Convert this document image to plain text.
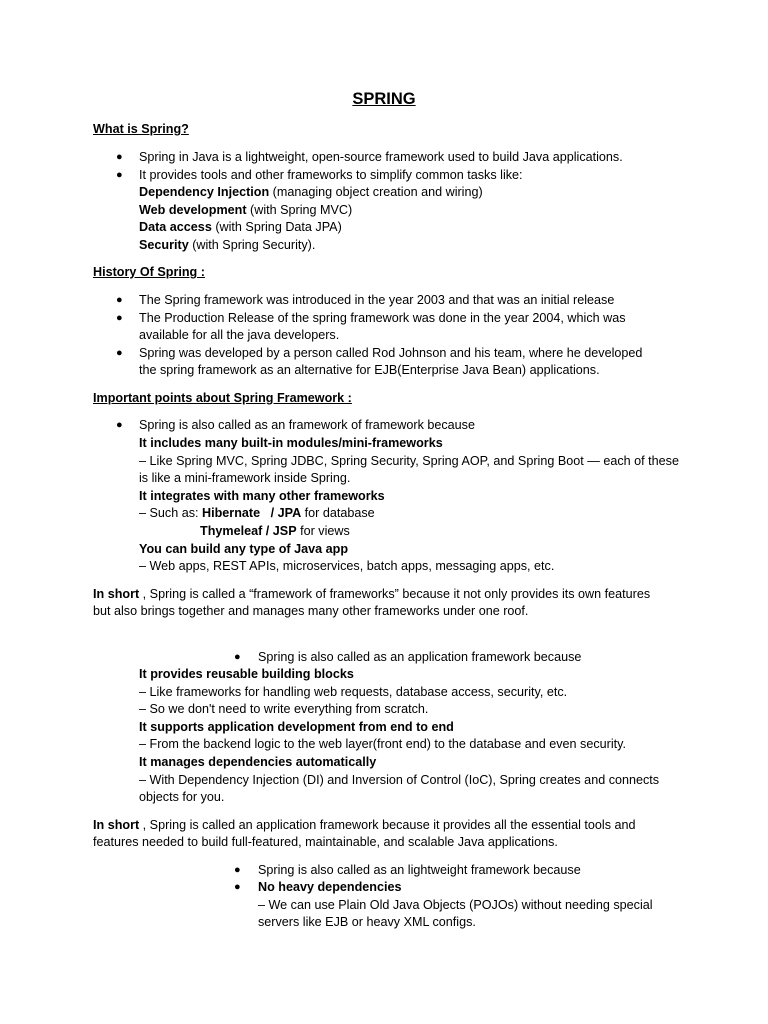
SPRING
What is Spring?
● Spring in Java is a lightweight, open-source framework used to build Java applications.
● It provides tools and other frameworks to simplify common tasks like:
Dependency Injection (managing object creation and wiring)
Web development (with Spring MVC)
Data access (with Spring Data JPA)
Security (with Spring Security).
History Of Spring :
● The Spring framework was introduced in the year 2003 and that was an initial release
● The Production Release of the spring framework was done in the year 2004, which was
available for all the java developers.
● Spring was developed by a person called Rod Johnson and his team, where he developed
the spring framework as an alternative for EJB(Enterprise Java Bean) applications.
Important points about Spring Framework :
● Spring is also called as an framework of framework because
It includes many built-in modules/mini-frameworks
– Like Spring MVC, Spring JDBC, Spring Security, Spring AOP, and Spring Boot — each of these
is like a mini-framework inside Spring.
It integrates with many other frameworks
– Such as: Hibernate   / JPA for database
Thymeleaf / JSP for views
You can build any type of Java app
– Web apps, REST APIs, microservices, batch apps, messaging apps, etc.
In short , Spring is called a “framework of frameworks” because it not only provides its own features
but also brings together and manages many other frameworks under one roof.
● Spring is also called as an application framework because
It provides reusable building blocks
– Like frameworks for handling web requests, database access, security, etc.
– So we don't need to write everything from scratch.
It supports application development from end to end
– From the backend logic to the web layer(front end) to the database and even security.
It manages dependencies automatically
– With Dependency Injection (DI) and Inversion of Control (IoC), Spring creates and connects
objects for you.
In short , Spring is called an application framework because it provides all the essential tools and
features needed to build full-featured, maintainable, and scalable Java applications.
● Spring is also called as an lightweight framework because
● No heavy dependencies
– We can use Plain Old Java Objects (POJOs) without needing special
servers like EJB or heavy XML configs.
